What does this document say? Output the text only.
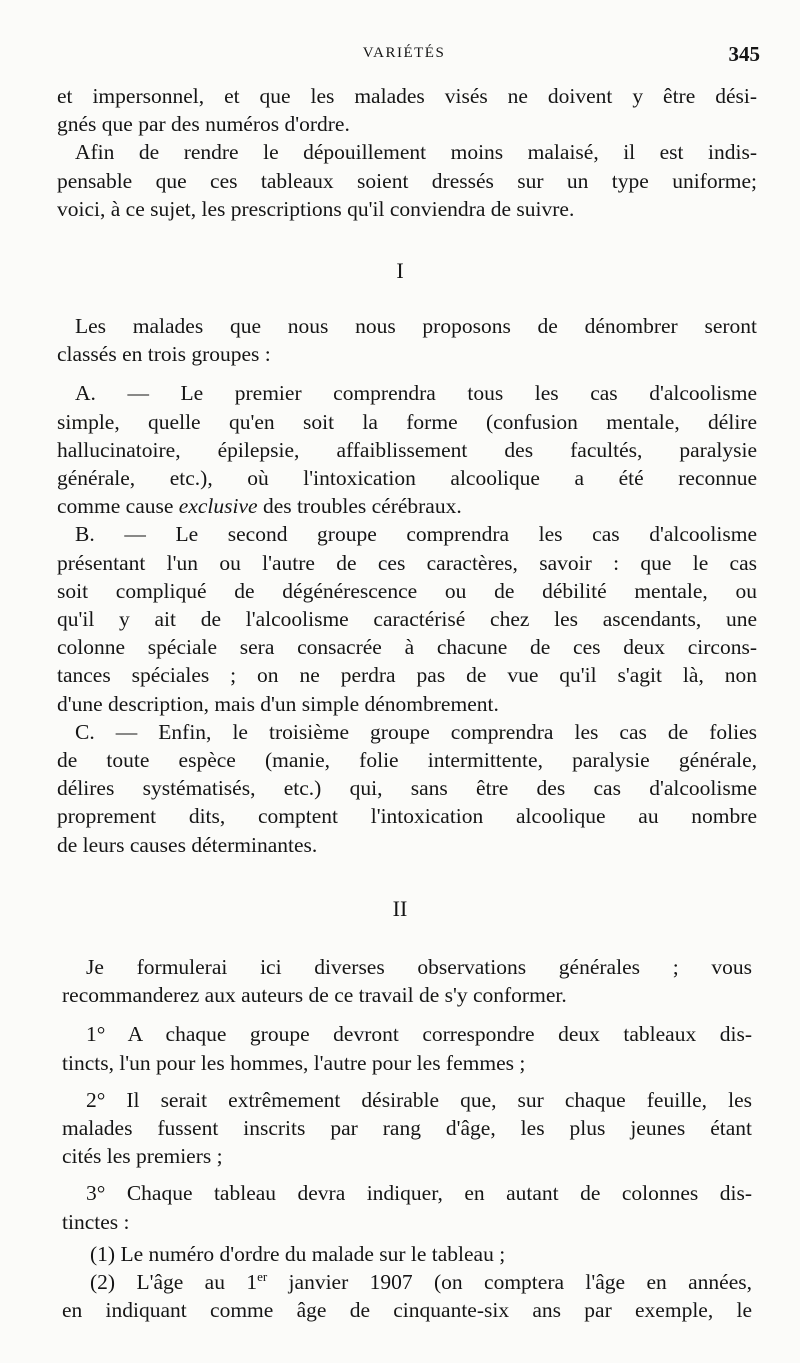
VARIÉTÉS	345

et impersonnel, et que les malades visés ne doivent y être dési-
gnés que par des numéros d'ordre.

Afin de rendre le dépouillement moins malaisé, il est indis-
pensable que ces tableaux soient dressés sur un type uniforme;
voici, à ce sujet, les prescriptions qu'il conviendra de suivre.

I

Les malades que nous nous proposons de dénombrer seront
classés en trois groupes :

A. — Le premier comprendra tous les cas d'alcoolisme
simple, quelle qu'en soit la forme (confusion mentale, délire
hallucinatoire, épilepsie, affaiblissement des facultés, paralysie
générale, etc.), où l'intoxication alcoolique a été reconnue
comme cause exclusive des troubles cérébraux.

B. — Le second groupe comprendra les cas d'alcoolisme
présentant l'un ou l'autre de ces caractères, savoir : que le cas
soit compliqué de dégénérescence ou de débilité mentale, ou
qu'il y ait de l'alcoolisme caractérisé chez les ascendants, une
colonne spéciale sera consacrée à chacune de ces deux circons-
tances spéciales ; on ne perdra pas de vue qu'il s'agit là, non
d'une description, mais d'un simple dénombrement.

C. — Enfin, le troisième groupe comprendra les cas de folies
de toute espèce (manie, folie intermittente, paralysie générale,
délires systématisés, etc.) qui, sans être des cas d'alcoolisme
proprement dits, comptent l'intoxication alcoolique au nombre
de leurs causes déterminantes.

II

Je formulerai ici diverses observations générales ; vous
recommanderez aux auteurs de ce travail de s'y conformer.

1° A chaque groupe devront correspondre deux tableaux dis-
tincts, l'un pour les hommes, l'autre pour les femmes ;

2° Il serait extrêmement désirable que, sur chaque feuille, les
malades fussent inscrits par rang d'âge, les plus jeunes étant
cités les premiers ;

3° Chaque tableau devra indiquer, en autant de colonnes dis-
tinctes :

(1) Le numéro d'ordre du malade sur le tableau ;
(2) L'âge au 1er janvier 1907 (on comptera l'âge en années,
en indiquant comme âge de cinquante-six ans par exemple, le
